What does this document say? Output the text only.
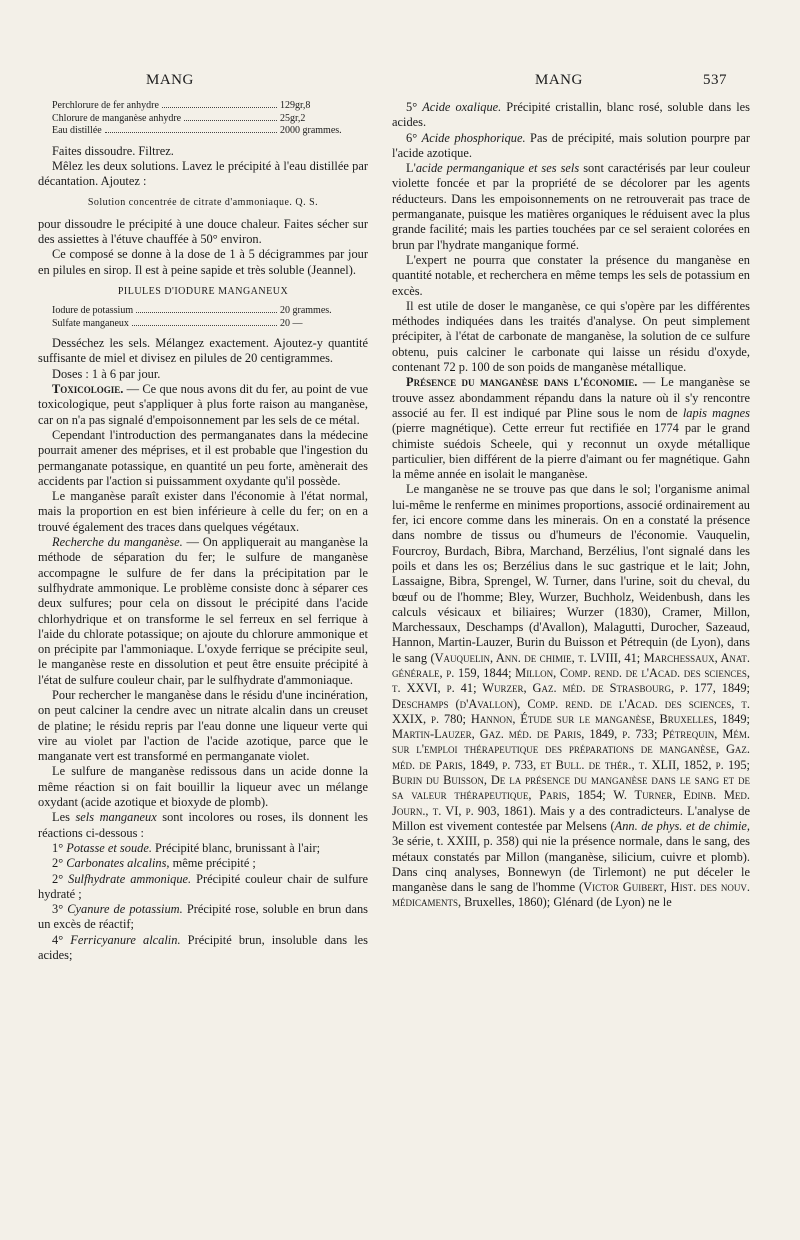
MANG	MANG	537
Perchlorure de fer anhydre	129gr,8
Chlorure de manganèse anhydre	25gr,2
Eau distillée	2000 grammes.

Faites dissoudre. Filtrez.

Mêlez les deux solutions. Lavez le précipité à l'eau distillée par décantation. Ajoutez :

Solution concentrée de citrate d'ammoniaque. Q. S.

pour dissoudre le précipité à une douce chaleur. Faites sécher sur des assiettes à l'étuve chauffée à 50° environ.

Ce composé se donne à la dose de 1 à 5 décigrammes par jour en pilules en sirop. Il est à peine sapide et très soluble (Jeannel).

PILULES D'IODURE MANGANEUX
Iodure de potassium	20 grammes.
Sulfate manganeux	20 —

Desséchez les sels. Mélangez exactement. Ajoutez-y quantité suffisante de miel et divisez en pilules de 20 centigrammes.

Doses : 1 à 6 par jour.

Toxicologie. — Ce que nous avons dit du fer, au point de vue toxicologique, peut s'appliquer à plus forte raison au manganèse, car on n'a pas signalé d'empoisonnement par les sels de ce métal.

Cependant l'introduction des permanganates dans la médecine pourrait amener des méprises, et il est probable que l'ingestion du permanganate potassique, en quantité un peu forte, amènerait des accidents par l'action si puissamment oxydante qu'il possède.

Le manganèse paraît exister dans l'économie à l'état normal, mais la proportion en est bien inférieure à celle du fer; on en a trouvé également des traces dans quelques végétaux.

Recherche du manganèse. — On appliquerait au manganèse la méthode de séparation du fer; le sulfure de manganèse accompagne le sulfure de fer dans la précipitation par le sulfhydrate ammonique. Le problème consiste donc à séparer ces deux sulfures; pour cela on dissout le précipité dans l'acide chlorhydrique et on transforme le sel ferreux en sel ferrique à l'aide du chlorate potassique; on ajoute du chlorure ammonique et on précipite par l'ammoniaque. L'oxyde ferrique se précipite seul, le manganèse reste en dissolution et peut être ensuite précipité à l'état de sulfure couleur chair, par le sulfhydrate d'ammoniaque.

Pour rechercher le manganèse dans le résidu d'une incinération, on peut calciner la cendre avec un nitrate alcalin dans un creuset de platine; le résidu repris par l'eau donne une liqueur verte qui vire au violet par l'action de l'acide azotique, parce que le manganate vert est transformé en permanganate violet.

Le sulfure de manganèse redissous dans un acide donne la même réaction si on fait bouillir la liqueur avec un mélange oxydant (acide azotique et bioxyde de plomb).

Les sels manganeux sont incolores ou roses, ils donnent les réactions ci-dessous :

1° Potasse et soude. Précipité blanc, brunissant à l'air;

2° Carbonates alcalins, même précipité ;

2° Sulfhydrate ammonique. Précipité couleur chair de sulfure hydraté ;

3° Cyanure de potassium. Précipité rose, soluble en brun dans un excès de réactif;

4° Ferricyanure alcalin. Précipité brun, insoluble dans les acides;

5° Acide oxalique. Précipité cristallin, blanc rosé, soluble dans les acides.

6° Acide phosphorique. Pas de précipité, mais solution pourpre par l'acide azotique.

L'acide permanganique et ses sels sont caractérisés par leur couleur violette foncée et par la propriété de se décolorer par les agents réducteurs. Dans les empoisonnements on ne retrouverait pas trace de permanganate, puisque les matières organiques le réduisent avec la plus grande facilité; mais les parties touchées par ce sel seraient colorées en brun par l'hydrate manganique formé.

L'expert ne pourra que constater la présence du manganèse en quantité notable, et recherchera en même temps les sels de potassium en excès.

Il est utile de doser le manganèse, ce qui s'opère par les différentes méthodes indiquées dans les traités d'analyse. On peut simplement précipiter, à l'état de carbonate de manganèse, la solution de ce sulfure obtenu, puis calciner le carbonate qui laisse un résidu d'oxyde, contenant 72 p. 100 de son poids de manganèse métallique.

Présence du manganèse dans l'économie. — Le manganèse se trouve assez abondamment répandu dans la nature où il s'y rencontre associé au fer. Il est indiqué par Pline sous le nom de lapis magnes (pierre magnétique). Cette erreur fut rectifiée en 1774 par le grand chimiste suédois Scheele, qui y reconnut un oxyde métallique particulier, bien différent de la pierre d'aimant ou fer magnétique. Gahn la même année en isolait le manganèse.

Le manganèse ne se trouve pas que dans le sol; l'organisme animal lui-même le renferme en minimes proportions, associé ordinairement au fer, ici encore comme dans les minerais. On en a constaté la présence dans nombre de tissus ou d'humeurs de l'économie. Vauquelin, Fourcroy, Burdach, Bibra, Marchand, Berzélius, l'ont signalé dans les poils et dans les os; Berzélius dans le suc gastrique et le lait; John, Lassaigne, Bibra, Sprengel, W. Turner, dans l'urine, soit du cheval, du bœuf ou de l'homme; Bley, Wurzer, Buchholz, Weidenbush, dans les calculs vésicaux et biliaires; Wurzer (1830), Cramer, Millon, Marchessaux, Deschamps (d'Avallon), Malagutti, Durocher, Sazeaud, Hannon, Martin-Lauzer, Burin du Buisson et Pétrequin (de Lyon), dans le sang (Vauquelin, Ann. de chimie, t. LVIII, 41; Marchessaux, Anat. générale, p. 159, 1844; Millon, Comp. rend. de l'Acad. des sciences, t. XXVI, p. 41; Wurzer, Gaz. méd. de Strasbourg, p. 177, 1849; Deschamps (d'Avallon), Comp. rend. de l'Acad. des sciences, t. XXIX, p. 780; Hannon, Étude sur le manganèse, Bruxelles, 1849; Martin-Lauzer, Gaz. méd. de Paris, 1849, p. 733; Pétrequin, Mém. sur l'emploi thérapeutique des préparations de manganèse, Gaz. méd. de Paris, 1849, p. 733, et Bull. de thér., t. XLII, 1852, p. 195; Burin du Buisson, De la présence du manganèse dans le sang et de sa valeur thérapeutique, Paris, 1854; W. Turner, Edinb. Med. Journ., t. VI, p. 903, 1861). Mais y a des contradicteurs. L'analyse de Millon est vivement contestée par Melsens (Ann. de phys. et de chimie, 3e série, t. XXIII, p. 358) qui nie la présence normale, dans le sang, des métaux constatés par Millon (manganèse, silicium, cuivre et plomb). Dans cinq analyses, Bonnewyn (de Tirlemont) ne put déceler le manganèse dans le sang de l'homme (Victor Guibert, Hist. des nouv. médicaments, Bruxelles, 1860); Glénard (de Lyon) ne le
